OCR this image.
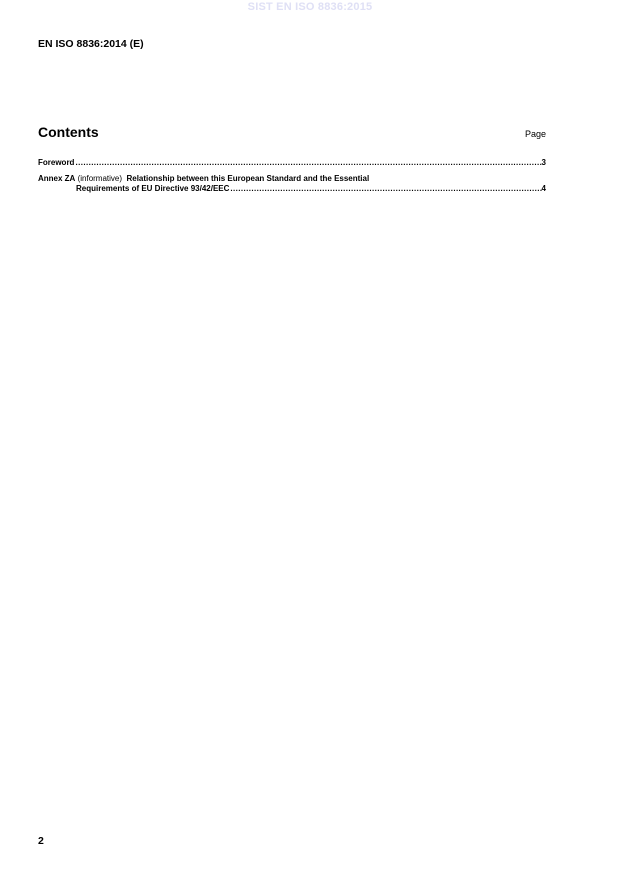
SIST EN ISO 8836:2015
EN ISO 8836:2014 (E)
Contents	Page
Foreword .....	3
Annex ZA (informative) Relationship between this European Standard and the Essential
Requirements of EU Directive 93/42/EEC .....	4
2
